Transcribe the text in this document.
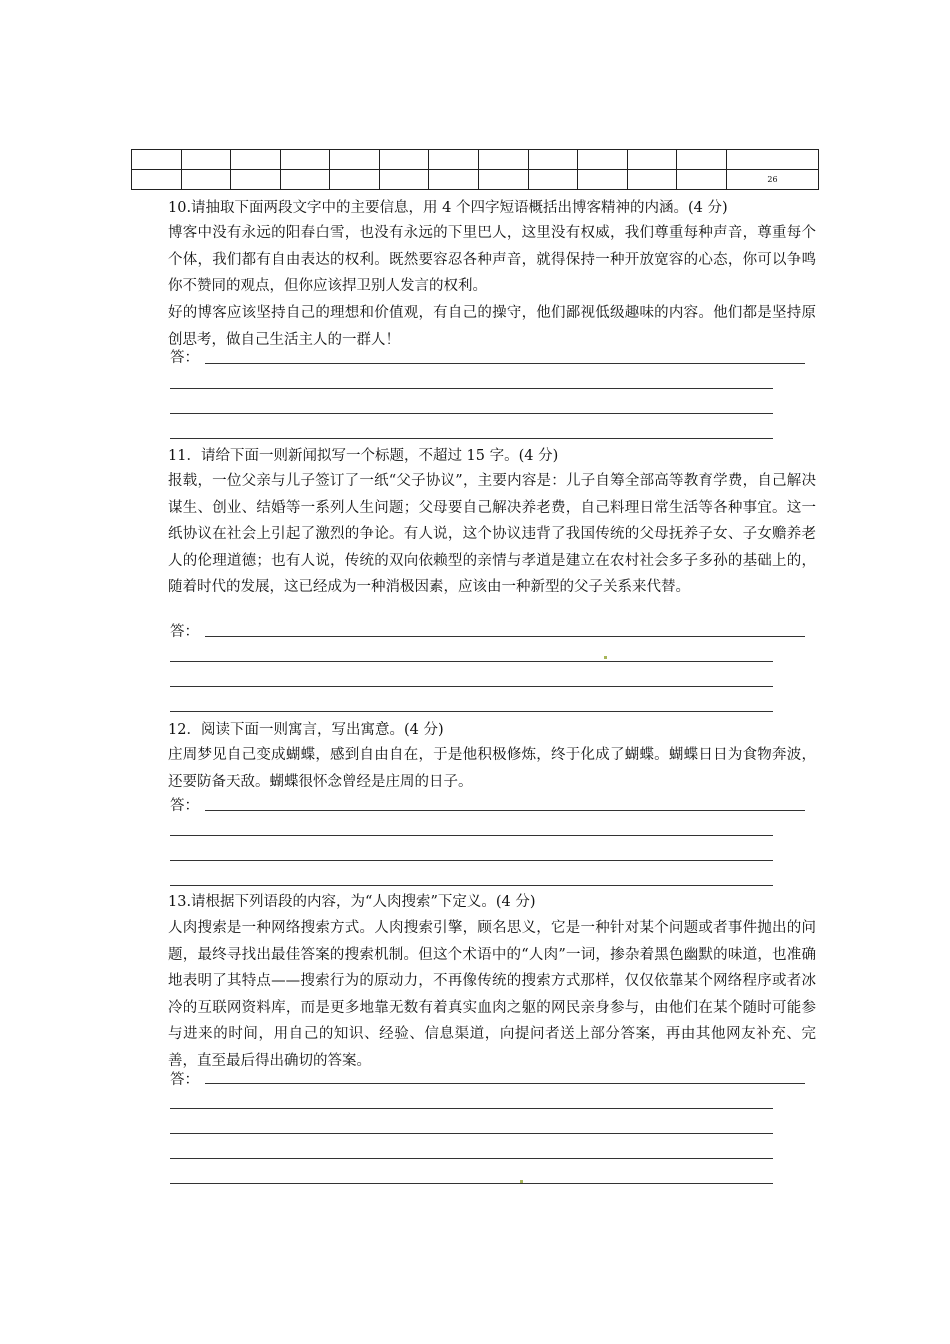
												26

10.请抽取下面两段文字中的主要信息，用 4 个四字短语概括出博客精神的内涵。(4 分)

博客中没有永远的阳春白雪，也没有永远的下里巴人，这里没有权威，我们尊重每种声音，尊重每个个体，我们都有自由表达的权利。既然要容忍各种声音，就得保持一种开放宽容的心态，你可以争鸣你不赞同的观点，但你应该捍卫别人发言的权利。

好的博客应该坚持自己的理想和价值观，有自己的操守，他们鄙视低级趣味的内容。他们都是坚持原创思考，做自己生活主人的一群人！

答：

11．请给下面一则新闻拟写一个标题，不超过 15 字。(4 分)

报载，一位父亲与儿子签订了一纸“父子协议”，主要内容是：儿子自筹全部高等教育学费，自己解决谋生、创业、结婚等一系列人生问题；父母要自己解决养老费，自己料理日常生活等各种事宜。这一纸协议在社会上引起了激烈的争论。有人说，这个协议违背了我国传统的父母抚养子女、子女赡养老人的伦理道德；也有人说，传统的双向依赖型的亲情与孝道是建立在农村社会多子多孙的基础上的，随着时代的发展，这已经成为一种消极因素，应该由一种新型的父子关系来代替。

答：

12．阅读下面一则寓言，写出寓意。(4 分)

庄周梦见自己变成蝴蝶，感到自由自在，于是他积极修炼，终于化成了蝴蝶。蝴蝶日日为食物奔波，还要防备天敌。蝴蝶很怀念曾经是庄周的日子。

答：

13.请根据下列语段的内容，为“人肉搜索”下定义。(4 分)

人肉搜索是一种网络搜索方式。人肉搜索引擎，顾名思义，它是一种针对某个问题或者事件抛出的问题，最终寻找出最佳答案的搜索机制。但这个术语中的“人肉”一词，掺杂着黑色幽默的味道，也准确地表明了其特点——搜索行为的原动力，不再像传统的搜索方式那样，仅仅依靠某个网络程序或者冰冷的互联网资料库，而是更多地靠无数有着真实血肉之躯的网民亲身参与，由他们在某个随时可能参与进来的时间，用自己的知识、经验、信息渠道，向提问者送上部分答案，再由其他网友补充、完善，直至最后得出确切的答案。

答：
